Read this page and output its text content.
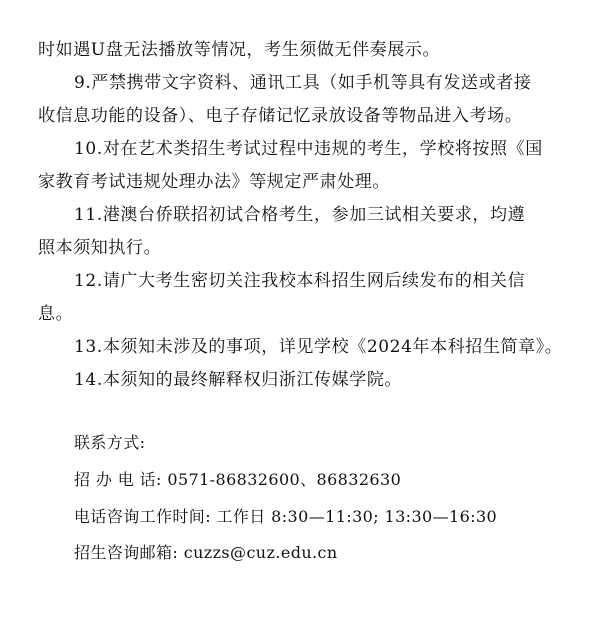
时如遇U盘无法播放等情况，考生须做无伴奏展示。
9.严禁携带文字资料、通讯工具（如手机等具有发送或者接
收信息功能的设备）、电子存储记忆录放设备等物品进入考场。
10.对在艺术类招生考试过程中违规的考生，学校将按照《国
家教育考试违规处理办法》等规定严肃处理。
11.港澳台侨联招初试合格考生，参加三试相关要求，均遵
照本须知执行。
12.请广大考生密切关注我校本科招生网后续发布的相关信
息。
13.本须知未涉及的事项，详见学校《2024年本科招生简章》。
14.本须知的最终解释权归浙江传媒学院。
联系方式:
招 办 电 话: 0571-86832600、86832630
电话咨询工作时间: 工作日 8:30—11:30; 13:30—16:30
招生咨询邮箱: cuzzs@cuz.edu.cn
